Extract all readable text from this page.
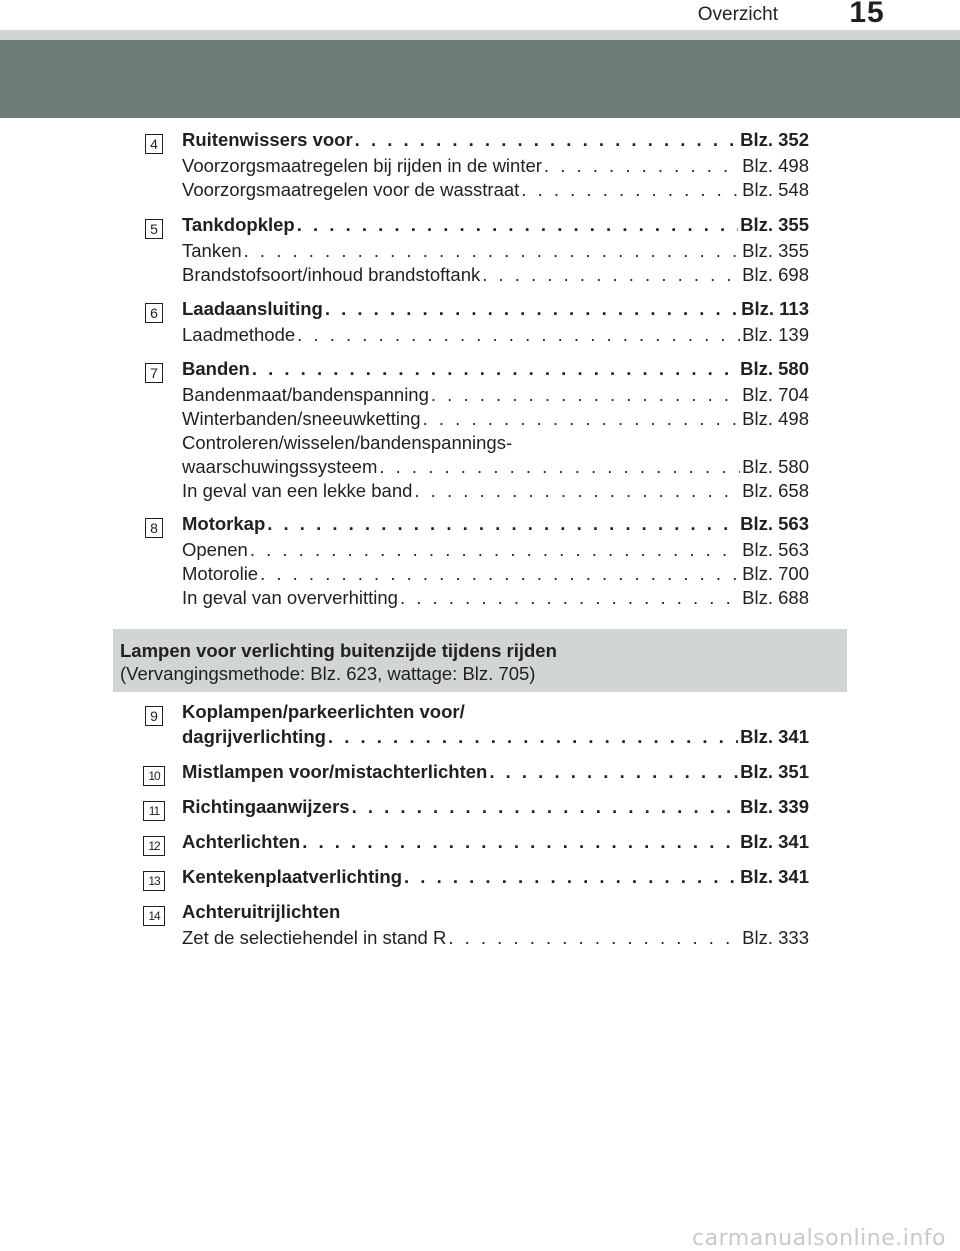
Overzicht	15
4 Ruitenwissers voor . . .	Blz. 352
Voorzorgsmaatregelen bij rijden in de winter . . .	Blz. 498
Voorzorgsmaatregelen voor de wasstraat . . .	Blz. 548
5 Tankdopklep . . .	Blz. 355
Tanken . . .	Blz. 355
Brandstofsoort/inhoud brandstoftank . . .	Blz. 698
6 Laadaansluiting . . .	Blz. 113
Laadmethode . . .	Blz. 139
7 Banden . . .	Blz. 580
Bandenmaat/bandenspanning . . .	Blz. 704
Winterbanden/sneeuwketting . . .	Blz. 498
Controleren/wisselen/bandenspannings-
waarschuwingssysteem . . .	Blz. 580
In geval van een lekke band . . .	Blz. 658
8 Motorkap . . .	Blz. 563
Openen . . .	Blz. 563
Motorolie . . .	Blz. 700
In geval van oververhitting . . .	Blz. 688
9 Koplampen/parkeerlichten voor/
dagrijverlichting . . .	Blz. 341
10 Mistlampen voor/mistachterlichten . . .	Blz. 351
11	Richtingaanwijzers . . .	Blz. 339
12 Achterlichten . . .	Blz. 341
13 Kentekenplaatverlichting . . .	Blz. 341
14 Achteruitrijlichten
Zet de selectiehendel in stand R . . .	Blz. 333
Lampen voor verlichting buitenzijde tijdens rijden
(Vervangingsmethode: Blz. 623, wattage: Blz. 705)
carmanualsonline.info
